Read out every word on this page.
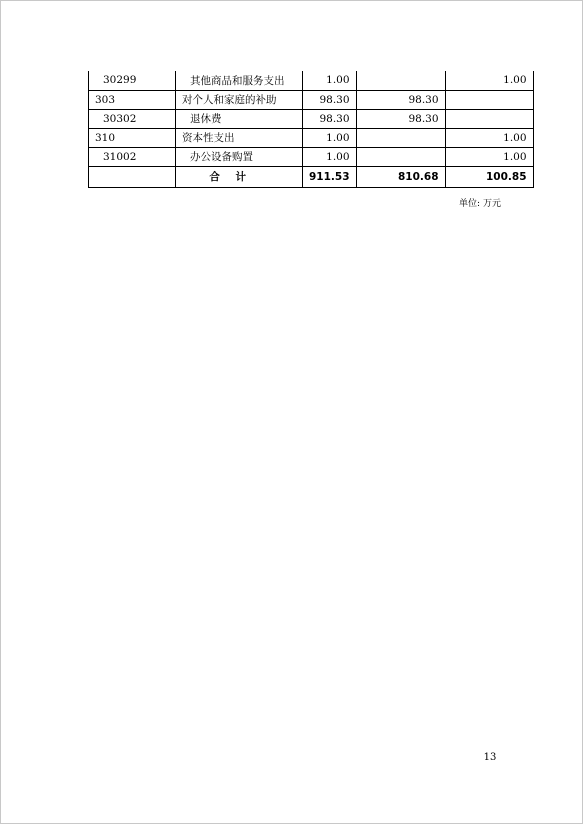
30299	其他商品和服务支出	1.00		1.00
303	对个人和家庭的补助	98.30	98.30	
30302	退休费	98.30	98.30	
310	资本性支出	1.00		1.00
31002	办公设备购置	1.00		1.00
	合 计	911.53	810.68	100.85
单位: 万元
13
